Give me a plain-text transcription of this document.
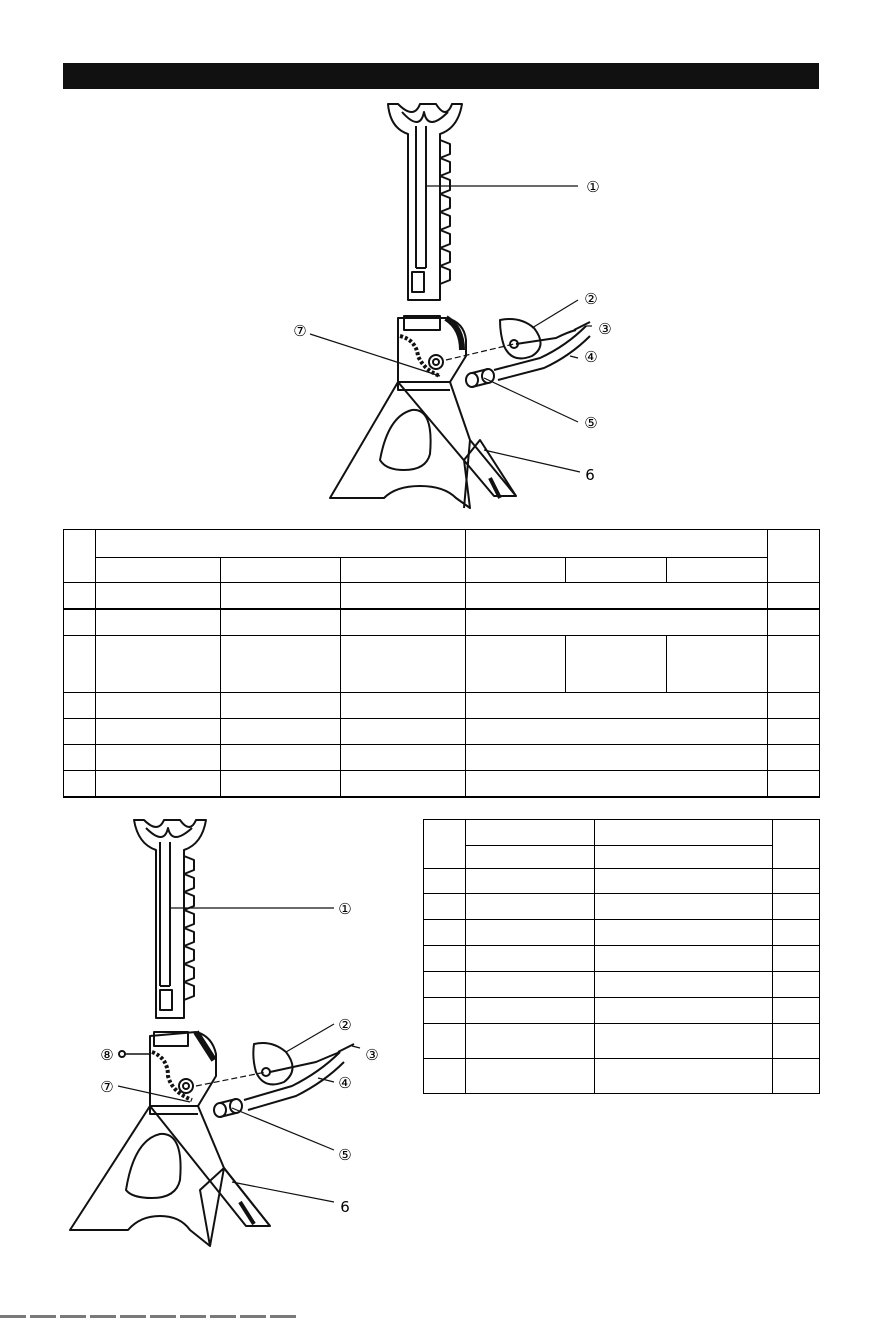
①
②
③
④
⑤
6
⑦

①
②
③
④
⑤
6
⑦
⑧
